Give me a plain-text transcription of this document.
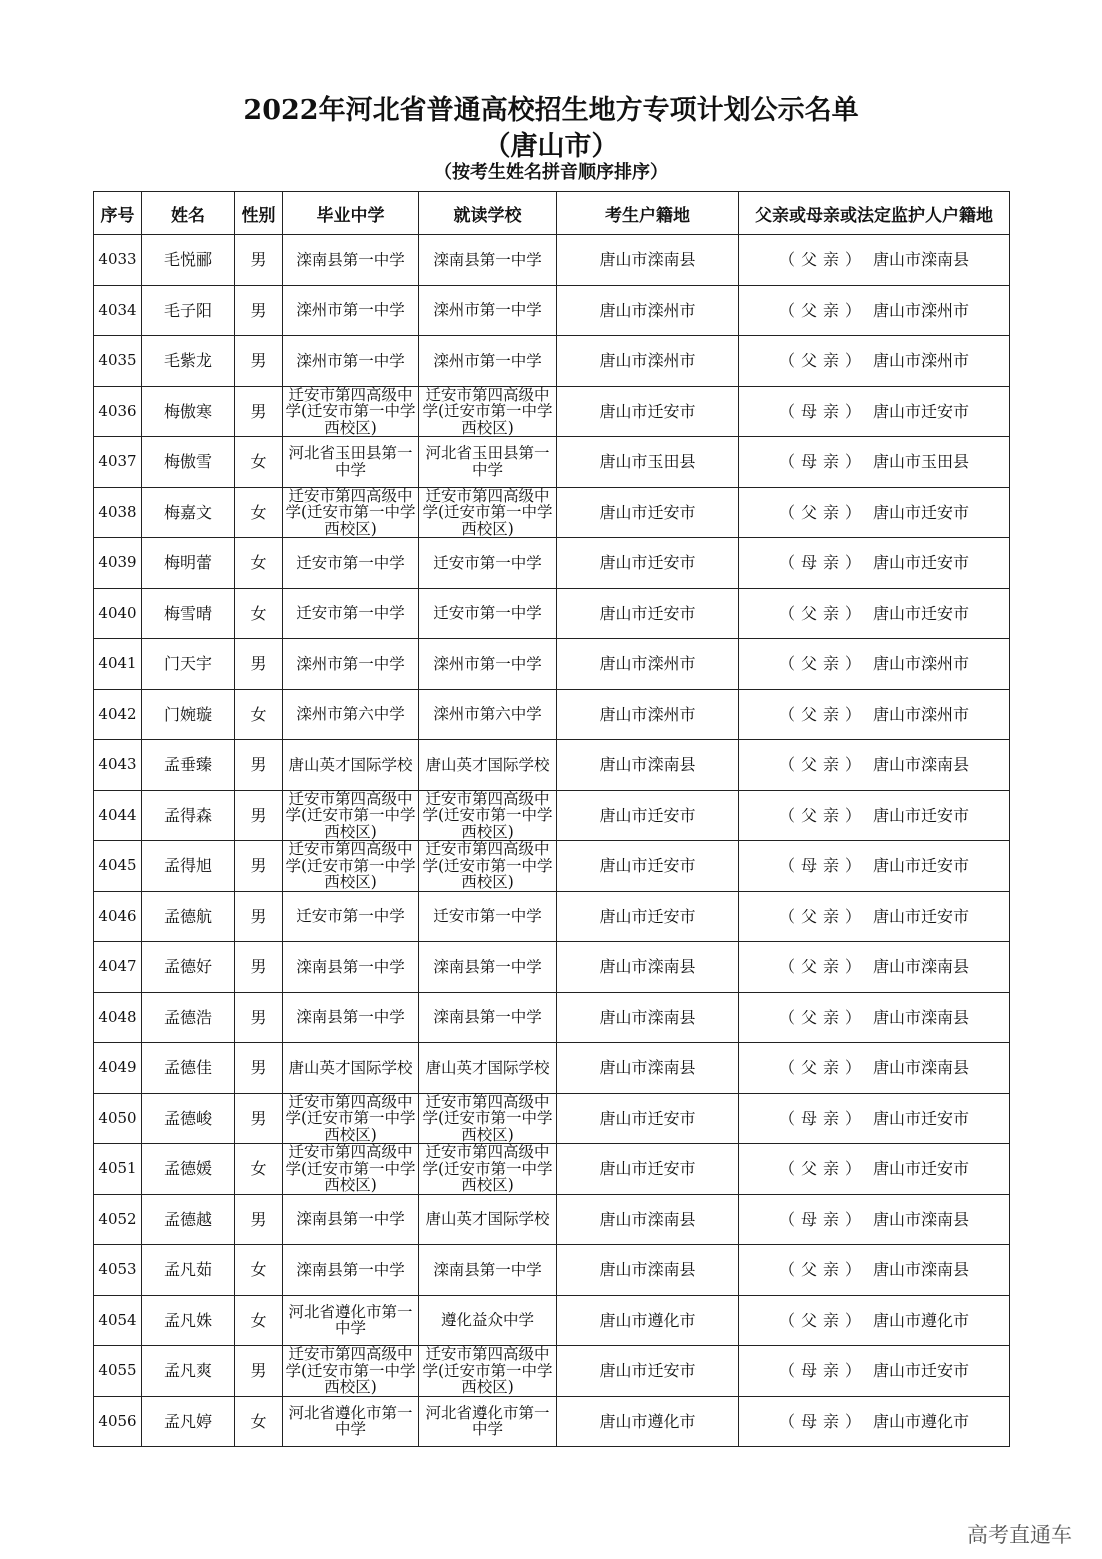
2022年河北省普通高校招生地方专项计划公示名单
（唐山市）
（按考生姓名拼音顺序排序）
序号	姓名	性别	毕业中学	就读学校	考生户籍地	父亲或母亲或法定监护人户籍地
4033	毛悦郦	男	滦南县第一中学	滦南县第一中学	唐山市滦南县	（父亲） 唐山市滦南县
4034	毛子阳	男	滦州市第一中学	滦州市第一中学	唐山市滦州市	（父亲） 唐山市滦州市
4035	毛紫龙	男	滦州市第一中学	滦州市第一中学	唐山市滦州市	（父亲） 唐山市滦州市
4036	梅傲寒	男	迁安市第四高级中学(迁安市第一中学西校区)	迁安市第四高级中学(迁安市第一中学西校区)	唐山市迁安市	（母亲） 唐山市迁安市
4037	梅傲雪	女	河北省玉田县第一中学	河北省玉田县第一中学	唐山市玉田县	（母亲） 唐山市玉田县
4038	梅嘉文	女	迁安市第四高级中学(迁安市第一中学西校区)	迁安市第四高级中学(迁安市第一中学西校区)	唐山市迁安市	（父亲） 唐山市迁安市
4039	梅明蕾	女	迁安市第一中学	迁安市第一中学	唐山市迁安市	（母亲） 唐山市迁安市
4040	梅雪晴	女	迁安市第一中学	迁安市第一中学	唐山市迁安市	（父亲） 唐山市迁安市
4041	门天宇	男	滦州市第一中学	滦州市第一中学	唐山市滦州市	（父亲） 唐山市滦州市
4042	门婉璇	女	滦州市第六中学	滦州市第六中学	唐山市滦州市	（父亲） 唐山市滦州市
4043	孟垂臻	男	唐山英才国际学校	唐山英才国际学校	唐山市滦南县	（父亲） 唐山市滦南县
4044	孟得森	男	迁安市第四高级中学(迁安市第一中学西校区)	迁安市第四高级中学(迁安市第一中学西校区)	唐山市迁安市	（父亲） 唐山市迁安市
4045	孟得旭	男	迁安市第四高级中学(迁安市第一中学西校区)	迁安市第四高级中学(迁安市第一中学西校区)	唐山市迁安市	（母亲） 唐山市迁安市
4046	孟德航	男	迁安市第一中学	迁安市第一中学	唐山市迁安市	（父亲） 唐山市迁安市
4047	孟德好	男	滦南县第一中学	滦南县第一中学	唐山市滦南县	（父亲） 唐山市滦南县
4048	孟德浩	男	滦南县第一中学	滦南县第一中学	唐山市滦南县	（父亲） 唐山市滦南县
4049	孟德佳	男	唐山英才国际学校	唐山英才国际学校	唐山市滦南县	（父亲） 唐山市滦南县
4050	孟德峻	男	迁安市第四高级中学(迁安市第一中学西校区)	迁安市第四高级中学(迁安市第一中学西校区)	唐山市迁安市	（母亲） 唐山市迁安市
4051	孟德媛	女	迁安市第四高级中学(迁安市第一中学西校区)	迁安市第四高级中学(迁安市第一中学西校区)	唐山市迁安市	（父亲） 唐山市迁安市
4052	孟德越	男	滦南县第一中学	唐山英才国际学校	唐山市滦南县	（母亲） 唐山市滦南县
4053	孟凡茹	女	滦南县第一中学	滦南县第一中学	唐山市滦南县	（父亲） 唐山市滦南县
4054	孟凡姝	女	河北省遵化市第一中学	遵化益众中学	唐山市遵化市	（父亲） 唐山市遵化市
4055	孟凡爽	男	迁安市第四高级中学(迁安市第一中学西校区)	迁安市第四高级中学(迁安市第一中学西校区)	唐山市迁安市	（母亲） 唐山市迁安市
4056	孟凡婷	女	河北省遵化市第一中学	河北省遵化市第一中学	唐山市遵化市	（母亲） 唐山市遵化市
高考直通车
